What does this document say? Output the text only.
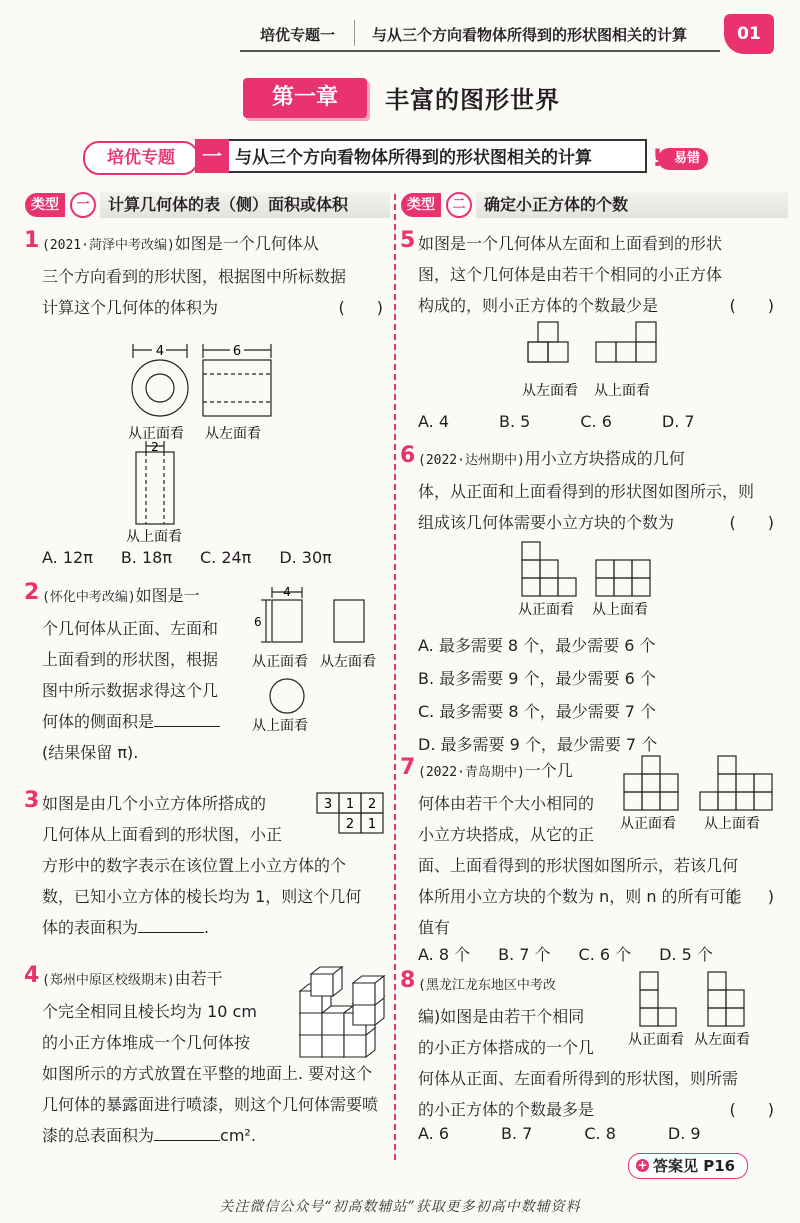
培优专题一 与从三个方向看物体所得到的形状图相关的计算	01
第一章	丰富的图形世界
培优专题	一 与从三个方向看物体所得到的形状图相关的计算	易错
!
类型	一	计算几何体的表（侧）面积或体积	类型	二	确定小正方体的个数
1 (2021·菏泽中考改编)如图是一个几何体从
三个方向看到的形状图，根据图中所标数据
计算这个几何体的体积为	(　　)
4	6
从正面看 从左面看
2
从上面看
A. 12π B. 18π C. 24π D. 30π
2 (怀化中考改编)如图是一
个几何体从正面、左面和
上面看到的形状图，根据
图中所示数据求得这个几
何体的侧面积是
(结果保留 π).
4
6
从正面看 从左面看
从上面看
3 如图是由几个小立方体所搭成的
几何体从上面看到的形状图，小正
方形中的数字表示在该位置上小立方体的个
数，已知小立方体的棱长均为 1，则这个几何
体的表面积为	.
3 1 2
2 1
4 (郑州中原区校级期末)由若干
个完全相同且棱长均为 10 cm
的小正方体堆成一个几何体按
如图所示的方式放置在平整的地面上. 要对这个
几何体的暴露面进行喷漆，则这个几何体需要喷
漆的总表面积为	cm².
5 如图是一个几何体从左面和上面看到的形状
图，这个几何体是由若干个相同的小正方体
构成的，则小正方体的个数最少是	(　　)
从左面看 从上面看
A. 4	B. 5	C. 6	D. 7
6 (2022·达州期中)用小立方块搭成的几何
体，从正面和上面看得到的形状图如图所示，则
组成该几何体需要小立方块的个数为	(　　)
从正面看 从上面看
A. 最多需要 8 个，最少需要 6 个
B. 最多需要 9 个，最少需要 6 个
C. 最多需要 8 个，最少需要 7 个
D. 最多需要 9 个，最少需要 7 个
7 (2022·青岛期中)一个几
何体由若干个大小相同的
小立方块搭成，从它的正
面、上面看得到的形状图如图所示，若该几何
体所用小立方块的个数为 n，则 n 的所有可能
值有
(　　)
从正面看 从上面看
A. 8 个 B. 7 个 C. 6 个 D. 5 个
8 (黑龙江龙东地区中考改
编)如图是由若干个相同
的小正方体搭成的一个几
何体从正面、左面看所得到的形状图，则所需
的小正方体的个数最多是	(　　)
从正面看 从左面看
A. 6	B. 7	C. 8	D. 9
答案见 P16
+
关注微信公众号“初高数辅站”获取更多初高中数辅资料
